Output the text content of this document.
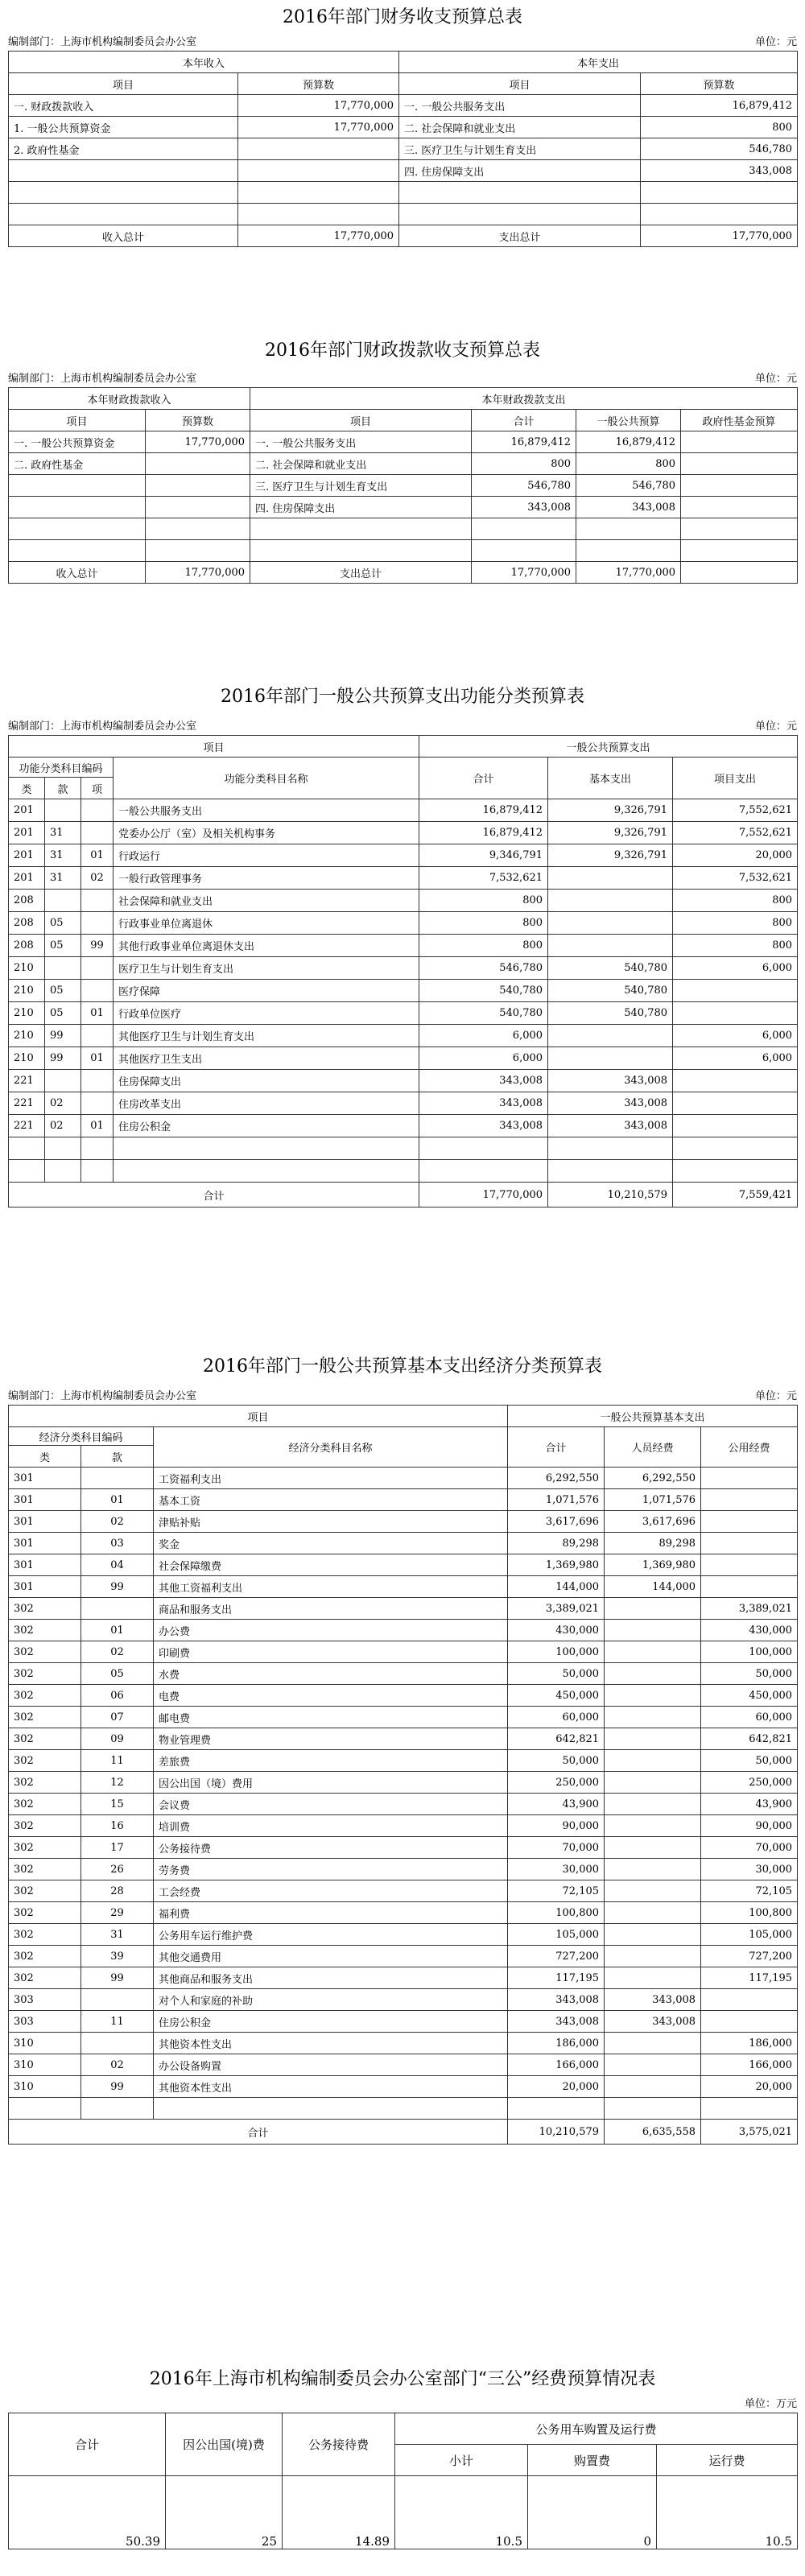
2016年部门财务收支预算总表
编制部门：上海市机构编制委员会办公室	单位：元
本年收入		本年支出	
项目	预算数	项目	预算数
一. 财政拨款收入	17,770,000	一. 一般公共服务支出	16,879,412
1. 一般公共预算资金	17,770,000	二. 社会保障和就业支出	800
2. 政府性基金		三. 医疗卫生与计划生育支出	546,780
		四. 住房保障支出	343,008

收入总计	17,770,000	支出总计	17,770,000
2016年部门财政拨款收支预算总表
编制部门：上海市机构编制委员会办公室	单位：元
本年财政拨款收入		本年财政拨款支出			
项目	预算数	项目	合计	一般公共预算	政府性基金预算
一. 一般公共预算资金	17,770,000	一. 一般公共服务支出	16,879,412	16,879,412	
二. 政府性基金		二. 社会保障和就业支出	800	800	
		三. 医疗卫生与计划生育支出	546,780	546,780	
		四. 住房保障支出	343,008	343,008	

收入总计	17,770,000	支出总计	17,770,000	17,770,000	
2016年部门一般公共预算支出功能分类预算表
编制部门：上海市机构编制委员会办公室	单位：元
项目				一般公共预算支出		
功能分类科目编码			功能分类科目名称	合计	基本支出	项目支出
类	款	项				
201			一般公共服务支出	16,879,412	9,326,791	7,552,621
201	31		党委办公厅（室）及相关机构事务	16,879,412	9,326,791	7,552,621
201	31	01	行政运行	9,346,791	9,326,791	20,000
201	31	02	一般行政管理事务	7,532,621		7,532,621
208			社会保障和就业支出	800		800
208	05		行政事业单位离退休	800		800
208	05	99	其他行政事业单位离退休支出	800		800
210			医疗卫生与计划生育支出	546,780	540,780	6,000
210	05		医疗保障	540,780	540,780	
210	05	01	行政单位医疗	540,780	540,780	
210	99		其他医疗卫生与计划生育支出	6,000		6,000
210	99	01	其他医疗卫生支出	6,000		6,000
221			住房保障支出	343,008	343,008	
221	02		住房改革支出	343,008	343,008	
221	02	01	住房公积金	343,008	343,008	

合计				17,770,000	10,210,579	7,559,421
2016年部门一般公共预算基本支出经济分类预算表
编制部门：上海市机构编制委员会办公室	单位：元
项目			一般公共预算基本支出		
经济分类科目编码		经济分类科目名称	合计	人员经费	公用经费
类	款				
301		工资福利支出	6,292,550	6,292,550	
301	01	基本工资	1,071,576	1,071,576	
301	02	津贴补贴	3,617,696	3,617,696	
301	03	奖金	89,298	89,298	
301	04	社会保障缴费	1,369,980	1,369,980	
301	99	其他工资福利支出	144,000	144,000	
302		商品和服务支出	3,389,021		3,389,021
302	01	办公费	430,000		430,000
302	02	印刷费	100,000		100,000
302	05	水费	50,000		50,000
302	06	电费	450,000		450,000
302	07	邮电费	60,000		60,000
302	09	物业管理费	642,821		642,821
302	11	差旅费	50,000		50,000
302	12	因公出国（境）费用	250,000		250,000
302	15	会议费	43,900		43,900
302	16	培训费	90,000		90,000
302	17	公务接待费	70,000		70,000
302	26	劳务费	30,000		30,000
302	28	工会经费	72,105		72,105
302	29	福利费	100,800		100,800
302	31	公务用车运行维护费	105,000		105,000
302	39	其他交通费用	727,200		727,200
302	99	其他商品和服务支出	117,195		117,195
303		对个人和家庭的补助	343,008	343,008	
303	11	住房公积金	343,008	343,008	
310		其他资本性支出	186,000		186,000
310	02	办公设备购置	166,000		166,000
310	99	其他资本性支出	20,000		20,000

合计			10,210,579	6,635,558	3,575,021
2016年上海市机构编制委员会办公室部门“三公”经费预算情况表
单位：万元
合计	因公出国(境)费	公务接待费	公务用车购置及运行费		
			小计	购置费	运行费
50.39	25	14.89	10.5	0	10.5
